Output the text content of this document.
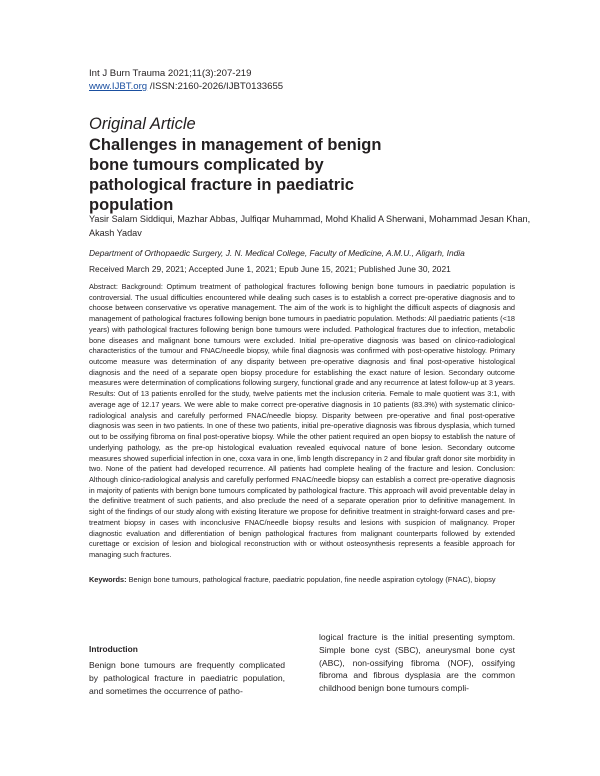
Int J Burn Trauma 2021;11(3):207-219
www.IJBT.org /ISSN:2160-2026/IJBT0133655
Original Article
Challenges in management of benign bone tumours complicated by pathological fracture in paediatric population
Yasir Salam Siddiqui, Mazhar Abbas, Julfiqar Muhammad, Mohd Khalid A Sherwani, Mohammad Jesan Khan, Akash Yadav
Department of Orthopaedic Surgery, J. N. Medical College, Faculty of Medicine, A.M.U., Aligarh, India
Received March 29, 2021; Accepted June 1, 2021; Epub June 15, 2021; Published June 30, 2021
Abstract: Background: Optimum treatment of pathological fractures following benign bone tumours in paediatric population is controversial. The usual difficulties encountered while dealing such cases is to establish a correct pre-operative diagnosis and to choose between conservative vs operative management. The aim of the work is to highlight the difficult aspects of diagnosis and management of pathological fractures following benign bone tumours in paediatric population. Methods: All paediatric patients (<18 years) with pathological fractures following benign bone tumours were included. Pathological fractures due to infection, metabolic bone diseases and malignant bone tumours were excluded. Initial pre-operative diagnosis was based on clinico-radiological characteristics of the tumour and FNAC/needle biopsy, while final diagnosis was confirmed with post-operative histology. Primary outcome measure was determination of any disparity between pre-operative diagnosis and final post-operative histological diagnosis and the need of a separate open biopsy procedure for establishing the exact nature of lesion. Secondary outcome measures were determination of complications following surgery, functional grade and any recurrence at latest follow-up at 3 years. Results: Out of 13 patients enrolled for the study, twelve patients met the inclusion criteria. Female to male quotient was 3:1, with average age of 12.17 years. We were able to make correct pre-operative diagnosis in 10 patients (83.3%) with systematic clinico-radiological analysis and carefully performed FNAC/needle biopsy. Disparity between pre-operative and final post-operative diagnosis was seen in two patients. In one of these two patients, initial pre-operative diagnosis was fibrous dysplasia, which turned out to be ossifying fibroma on final post-operative biopsy. While the other patient required an open biopsy to establish the nature of underlying pathology, as the pre-op histological evaluation revealed equivocal nature of bone lesion. Secondary outcome measures showed superficial infection in one, coxa vara in one, limb length discrepancy in 2 and fibular graft donor site morbidity in two. None of the patient had developed recurrence. All patients had complete healing of the fracture and lesion. Conclusion: Although clinico-radiological analysis and carefully performed FNAC/needle biopsy can establish a correct pre-operative diagnosis in majority of patients with benign bone tumours complicated by pathological fracture. This approach will avoid preventable delay in the definitive treatment of such patients, and also preclude the need of a separate operation prior to definitive management. In sight of the findings of our study along with existing literature we propose for definitive treatment in straight-forward cases and pre-treatment biopsy in cases with inconclusive FNAC/needle biopsy results and lesions with suspicion of malignancy. Proper diagnostic evaluation and differentiation of benign pathological fractures from malignant counterparts followed by extended curettage or excision of lesion and biological reconstruction with or without osteosynthesis represents a feasible approach for managing such fractures.
Keywords: Benign bone tumours, pathological fracture, paediatric population, fine needle aspiration cytology (FNAC), biopsy
Introduction
Benign bone tumours are frequently complicated by pathological fracture in paediatric population, and sometimes the occurrence of patho-
logical fracture is the initial presenting symptom. Simple bone cyst (SBC), aneurysmal bone cyst (ABC), non-ossifying fibroma (NOF), ossifying fibroma and fibrous dysplasia are the common childhood benign bone tumours compli-
